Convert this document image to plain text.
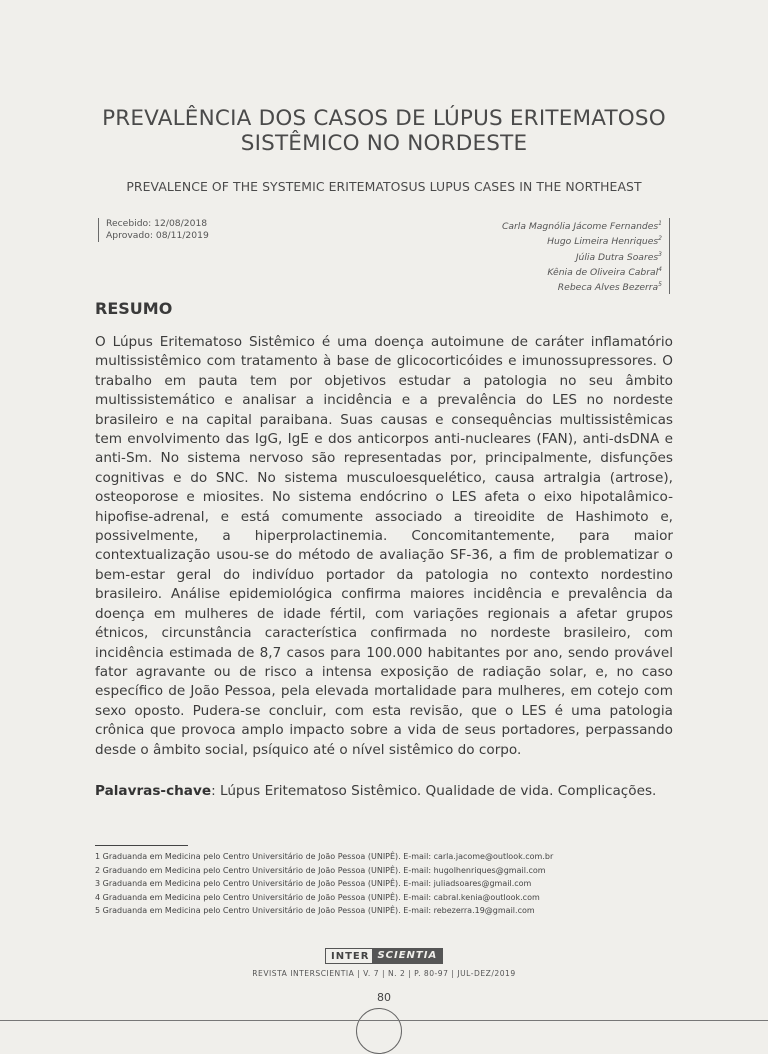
PREVALÊNCIA DOS CASOS DE LÚPUS ERITEMATOSO
SISTÊMICO NO NORDESTE
PREVALENCE OF THE SYSTEMIC ERITEMATOSUS LUPUS CASES IN THE NORTHEAST
Recebido: 12/08/2018
Aprovado: 08/11/2019
Carla Magnólia Jácome Fernandes$^1$
Hugo Limeira Henriques$^2$
Júlia Dutra Soares$^3$
Kênia de Oliveira Cabral$^4$
Rebeca Alves Bezerra$^5$
RESUMO

O Lúpus Eritematoso Sistêmico é uma doença autoimune de caráter inflamatório multissistêmico com tratamento à base de glicocorticóides e imunossupressores. O trabalho em pauta tem por objetivos estudar a patologia no seu âmbito multissistemático e analisar a incidência e a prevalência do LES no nordeste brasileiro e na capital paraibana. Suas causas e consequências multissistêmicas tem envolvimento das IgG, IgE e dos anticorpos anti-nucleares (FAN), anti-dsDNA e anti-Sm. No sistema nervoso são representadas por, principalmente, disfunções cognitivas e do SNC. No sistema musculoesquelético, causa artralgia (artrose), osteoporose e miosites. No sistema endócrino o LES afeta o eixo hipotalâmico-hipofise-adrenal, e está comumente associado a tireoidite de Hashimoto e, possivelmente, a hiperprolactinemia. Concomitantemente, para maior contextualização usou-se do método de avaliação SF-36, a fim de problematizar o bem-estar geral do indivíduo portador da patologia no contexto nordestino brasileiro. Análise epidemiológica confirma maiores incidência e prevalência da doença em mulheres de idade fértil, com variações regionais a afetar grupos étnicos, circunstância característica confirmada no nordeste brasileiro, com incidência estimada de 8,7 casos para 100.000 habitantes por ano, sendo provável fator agravante ou de risco a intensa exposição de radiação solar, e, no caso específico de João Pessoa, pela elevada mortalidade para mulheres, em cotejo com sexo oposto. Pudera-se concluir, com esta revisão, que o LES é uma patologia crônica que provoca amplo impacto sobre a vida de seus portadores, perpassando desde o âmbito social, psíquico até o nível sistêmico do corpo.

Palavras-chave: Lúpus Eritematoso Sistêmico. Qualidade de vida. Complicações.

1 Graduanda em Medicina pelo Centro Universitário de João Pessoa (UNIPÊ). E-mail: carla.jacome@outlook.com.br
2 Graduando em Medicina pelo Centro Universitário de João Pessoa (UNIPÊ). E-mail: hugolhenriques@gmail.com
3 Graduanda em Medicina pelo Centro Universitário de João Pessoa (UNIPÊ). E-mail: juliadsoares@gmail.com
4 Graduanda em Medicina pelo Centro Universitário de João Pessoa (UNIPÊ). E-mail: cabral.kenia@outlook.com
5 Graduanda em Medicina pelo Centro Universitário de João Pessoa (UNIPÊ). E-mail: rebezerra.19@gmail.com
INTER SCIENTIA
REVISTA INTERSCIENTIA | V. 7 | N. 2 | P. 80-97 | JUL-DEZ/2019
80
